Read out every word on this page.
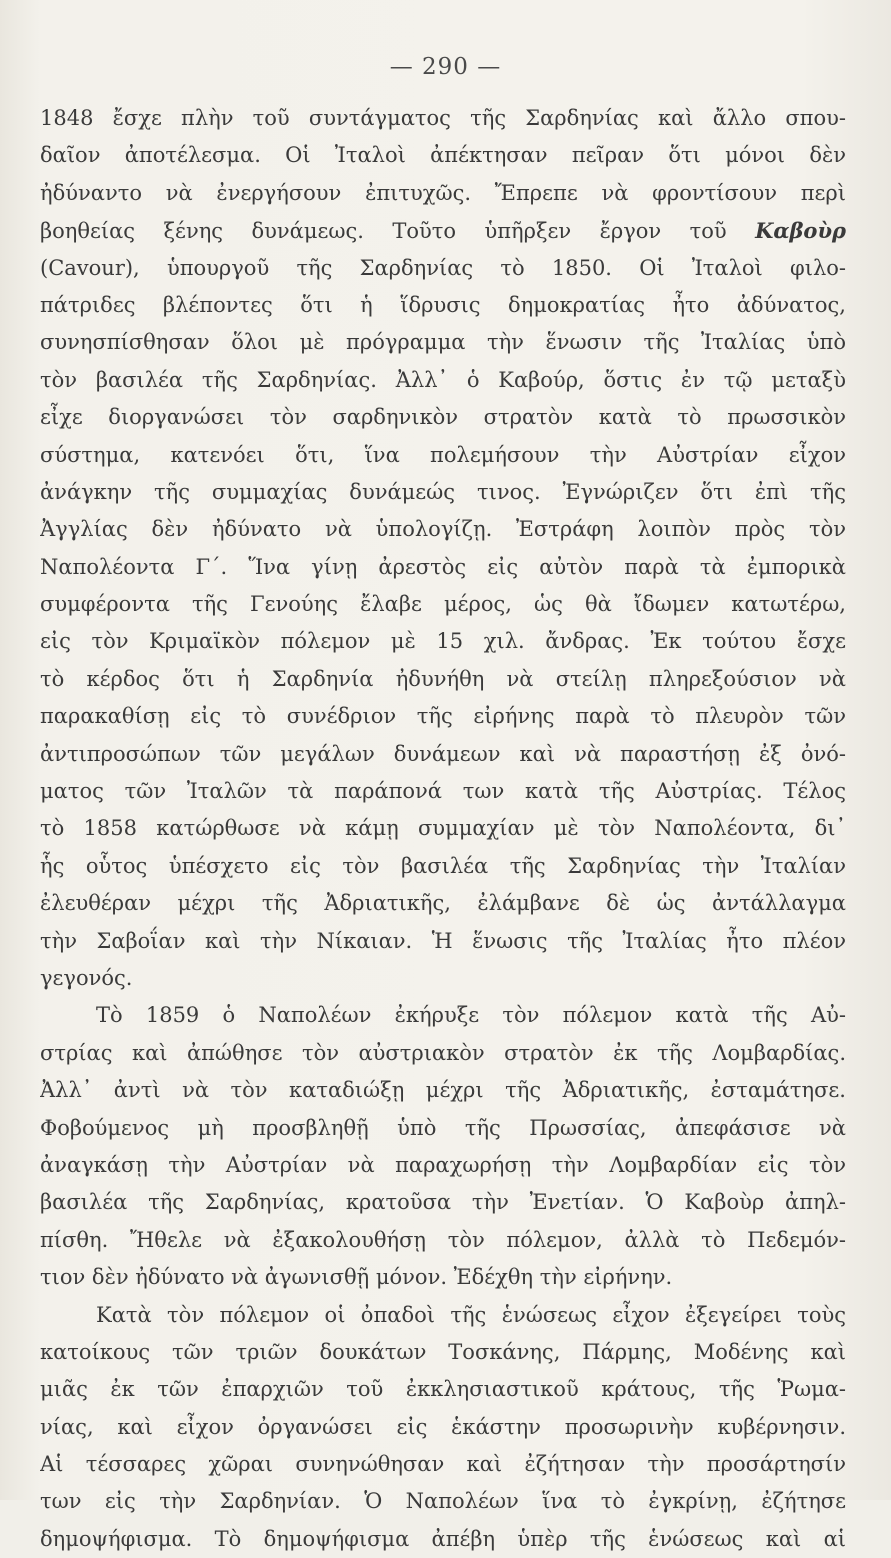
— 290 —
1848 ἔσχε πλὴν τοῦ συντάγματος τῆς Σαρδηνίας καὶ ἄλλο σπου-
δαῖον ἀποτέλεσμα. Οἱ Ἰταλοὶ ἀπέκτησαν πεῖραν ὅτι μόνοι δὲν
ἠδύναντο νὰ ἐνεργήσουν ἐπιτυχῶς. Ἔπρεπε νὰ φροντίσουν περὶ
βοηθείας ξένης δυνάμεως. Τοῦτο ὑπῆρξεν ἔργον τοῦ Καβοὺρ
(Cavour), ὑπουργοῦ τῆς Σαρδηνίας τὸ 1850. Οἱ Ἰταλοὶ φιλο-
πάτριδες βλέποντες ὅτι ἡ ἵδρυσις δημοκρατίας ἦτο ἀδύνατος,
συνησπίσθησαν ὅλοι μὲ πρόγραμμα τὴν ἕνωσιν τῆς Ἰταλίας ὑπὸ
τὸν βασιλέα τῆς Σαρδηνίας. Ἀλλ᾽ ὁ Καβούρ, ὅστις ἐν τῷ μεταξὺ
εἶχε διοργανώσει τὸν σαρδηνικὸν στρατὸν κατὰ τὸ πρωσσικὸν
σύστημα, κατενόει ὅτι, ἵνα πολεμήσουν τὴν Αὐστρίαν εἶχον
ἀνάγκην τῆς συμμαχίας δυνάμεώς τινος. Ἐγνώριζεν ὅτι ἐπὶ τῆς
Ἀγγλίας δὲν ἠδύνατο νὰ ὑπολογίζῃ. Ἐστράφη λοιπὸν πρὸς τὸν
Ναπολέοντα Γ´. Ἵνα γίνῃ ἀρεστὸς εἰς αὐτὸν παρὰ τὰ ἐμπορικὰ
συμφέροντα τῆς Γενούης ἔλαβε μέρος, ὡς θὰ ἴδωμεν κατωτέρω,
εἰς τὸν Κριμαϊκὸν πόλεμον μὲ 15 χιλ. ἄνδρας. Ἐκ τούτου ἔσχε
τὸ κέρδος ὅτι ἡ Σαρδηνία ἠδυνήθη νὰ στείλῃ πληρεξούσιον νὰ
παρακαθίσῃ εἰς τὸ συνέδριον τῆς εἰρήνης παρὰ τὸ πλευρὸν τῶν
ἀντιπροσώπων τῶν μεγάλων δυνάμεων καὶ νὰ παραστήσῃ ἐξ ὀνό-
ματος τῶν Ἰταλῶν τὰ παράπονά των κατὰ τῆς Αὐστρίας. Τέλος
τὸ 1858 κατώρθωσε νὰ κάμῃ συμμαχίαν μὲ τὸν Ναπολέοντα, δι᾽
ἧς οὗτος ὑπέσχετο εἰς τὸν βασιλέα τῆς Σαρδηνίας τὴν Ἰταλίαν
ἐλευθέραν μέχρι τῆς Ἀδριατικῆς, ἐλάμβανε δὲ ὡς ἀντάλλαγμα
τὴν Σαβοΐαν καὶ τὴν Νίκαιαν. Ἡ ἕνωσις τῆς Ἰταλίας ἦτο πλέον
γεγονός.
Τὸ 1859 ὁ Ναπολέων ἐκήρυξε τὸν πόλεμον κατὰ τῆς Αὐ-
στρίας καὶ ἀπώθησε τὸν αὐστριακὸν στρατὸν ἐκ τῆς Λομβαρδίας.
Ἀλλ᾽ ἀντὶ νὰ τὸν καταδιώξῃ μέχρι τῆς Ἀδριατικῆς, ἐσταμάτησε.
Φοβούμενος μὴ προσβληθῇ ὑπὸ τῆς Πρωσσίας, ἀπεφάσισε νὰ
ἀναγκάσῃ τὴν Αὐστρίαν νὰ παραχωρήσῃ τὴν Λομβαρδίαν εἰς τὸν
βασιλέα τῆς Σαρδηνίας, κρατοῦσα τὴν Ἐνετίαν. Ὁ Καβοὺρ ἀπηλ-
πίσθη. Ἤθελε νὰ ἐξακολουθήσῃ τὸν πόλεμον, ἀλλὰ τὸ Πεδεμόν-
τιον δὲν ἠδύνατο νὰ ἀγωνισθῇ μόνον. Ἐδέχθη τὴν εἰρήνην.
Κατὰ τὸν πόλεμον οἱ ὀπαδοὶ τῆς ἑνώσεως εἶχον ἐξεγείρει τοὺς
κατοίκους τῶν τριῶν δουκάτων Τοσκάνης, Πάρμης, Μοδένης καὶ
μιᾶς ἐκ τῶν ἐπαρχιῶν τοῦ ἐκκλησιαστικοῦ κράτους, τῆς Ῥωμα-
νίας, καὶ εἶχον ὀργανώσει εἰς ἑκάστην προσωρινὴν κυβέρνησιν.
Αἱ τέσσαρες χῶραι συνηνώθησαν καὶ ἐζήτησαν τὴν προσάρτησίν
των εἰς τὴν Σαρδηνίαν. Ὁ Ναπολέων ἵνα τὸ ἐγκρίνῃ, ἐζήτησε
δημοψήφισμα. Τὸ δημοψήφισμα ἀπέβη ὑπὲρ τῆς ἑνώσεως καὶ αἱ
